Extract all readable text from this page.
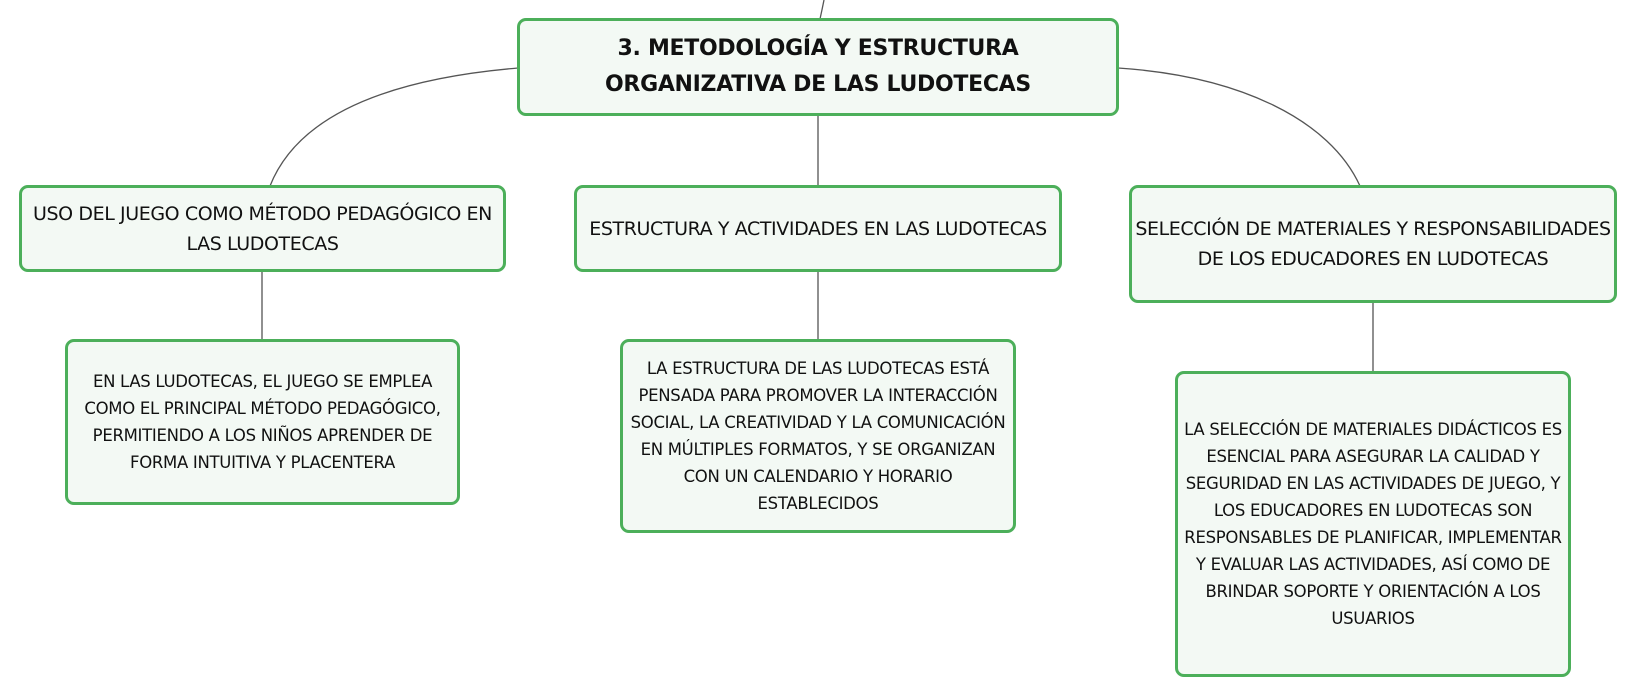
3. METODOLOGÍA Y ESTRUCTURA ORGANIZATIVA DE LAS LUDOTECAS
USO DEL JUEGO COMO MÉTODO PEDAGÓGICO EN LAS LUDOTECAS
ESTRUCTURA Y ACTIVIDADES EN LAS LUDOTECAS	SELECCIÓN DE MATERIALES Y RESPONSABILIDADES DE LOS EDUCADORES EN LUDOTECAS
EN LAS LUDOTECAS, EL JUEGO SE EMPLEA COMO EL PRINCIPAL MÉTODO PEDAGÓGICO, PERMITIENDO A LOS NIÑOS APRENDER DE FORMA INTUITIVA Y PLACENTERA
LA ESTRUCTURA DE LAS LUDOTECAS ESTÁ PENSADA PARA PROMOVER LA INTERACCIÓN SOCIAL, LA CREATIVIDAD Y LA COMUNICACIÓN EN MÚLTIPLES FORMATOS, Y SE ORGANIZAN CON UN CALENDARIO Y HORARIO ESTABLECIDOS
LA SELECCIÓN DE MATERIALES DIDÁCTICOS ES ESENCIAL PARA ASEGURAR LA CALIDAD Y SEGURIDAD EN LAS ACTIVIDADES DE JUEGO, Y LOS EDUCADORES EN LUDOTECAS SON RESPONSABLES DE PLANIFICAR, IMPLEMENTAR Y EVALUAR LAS ACTIVIDADES, ASÍ COMO DE BRINDAR SOPORTE Y ORIENTACIÓN A LOS USUARIOS
